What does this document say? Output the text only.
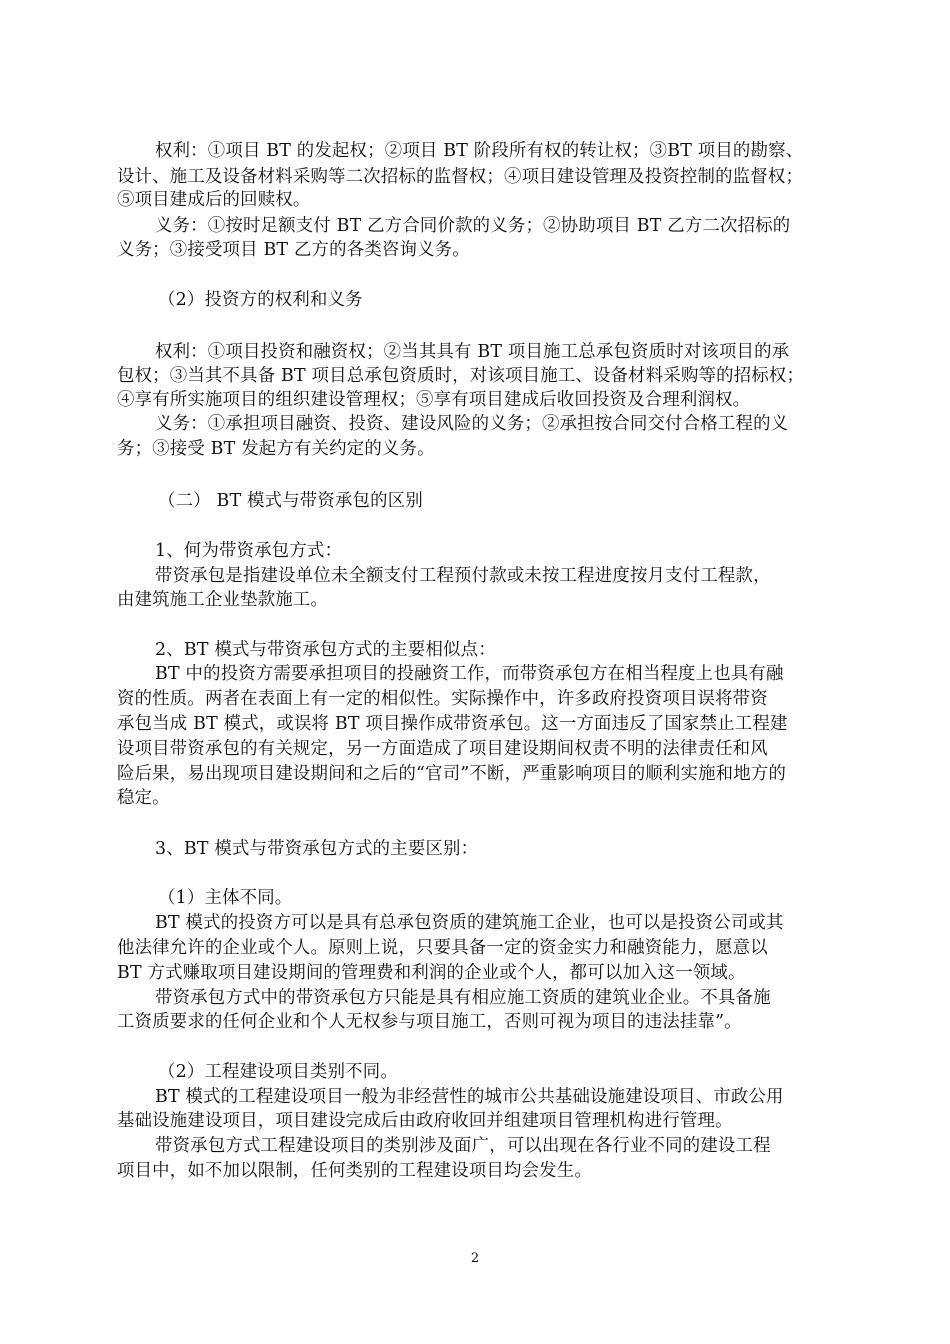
权利：①项目 BT 的发起权；②项目 BT 阶段所有权的转让权；③BT 项目的勘察、
设计、施工及设备材料采购等二次招标的监督权；④项目建设管理及投资控制的监督权；
⑤项目建成后的回赎权。
义务：①按时足额支付 BT 乙方合同价款的义务；②协助项目 BT 乙方二次招标的
义务；③接受项目 BT 乙方的各类咨询义务。
（2）投资方的权利和义务
权利：①项目投资和融资权；②当其具有 BT 项目施工总承包资质时对该项目的承
包权；③当其不具备 BT 项目总承包资质时，对该项目施工、设备材料采购等的招标权；
④享有所实施项目的组织建设管理权；⑤享有项目建成后收回投资及合理利润权。
义务：①承担项目融资、投资、建设风险的义务；②承担按合同交付合格工程的义
务；③接受 BT 发起方有关约定的义务。
（二） BT 模式与带资承包的区别
1、何为带资承包方式：
带资承包是指建设单位未全额支付工程预付款或未按工程进度按月支付工程款，
由建筑施工企业垫款施工。
2、BT 模式与带资承包方式的主要相似点：
BT 中的投资方需要承担项目的投融资工作，而带资承包方在相当程度上也具有融
资的性质。两者在表面上有一定的相似性。实际操作中，许多政府投资项目误将带资
承包当成 BT 模式，或误将 BT 项目操作成带资承包。这一方面违反了国家禁止工程建
设项目带资承包的有关规定，另一方面造成了项目建设期间权责不明的法律责任和风
险后果，易出现项目建设期间和之后的“官司”不断，严重影响项目的顺利实施和地方的
稳定。
3、BT 模式与带资承包方式的主要区别：
（1）主体不同。
BT 模式的投资方可以是具有总承包资质的建筑施工企业，也可以是投资公司或其
他法律允许的企业或个人。原则上说，只要具备一定的资金实力和融资能力，愿意以
BT 方式赚取项目建设期间的管理费和利润的企业或个人，都可以加入这一领域。
带资承包方式中的带资承包方只能是具有相应施工资质的建筑业企业。不具备施
工资质要求的任何企业和个人无权参与项目施工，否则可视为项目的违法挂靠”。
（2）工程建设项目类别不同。
BT 模式的工程建设项目一般为非经营性的城市公共基础设施建设项目、市政公用
基础设施建设项目，项目建设完成后由政府收回并组建项目管理机构进行管理。
带资承包方式工程建设项目的类别涉及面广，可以出现在各行业不同的建设工程
项目中，如不加以限制，任何类别的工程建设项目均会发生。
2
